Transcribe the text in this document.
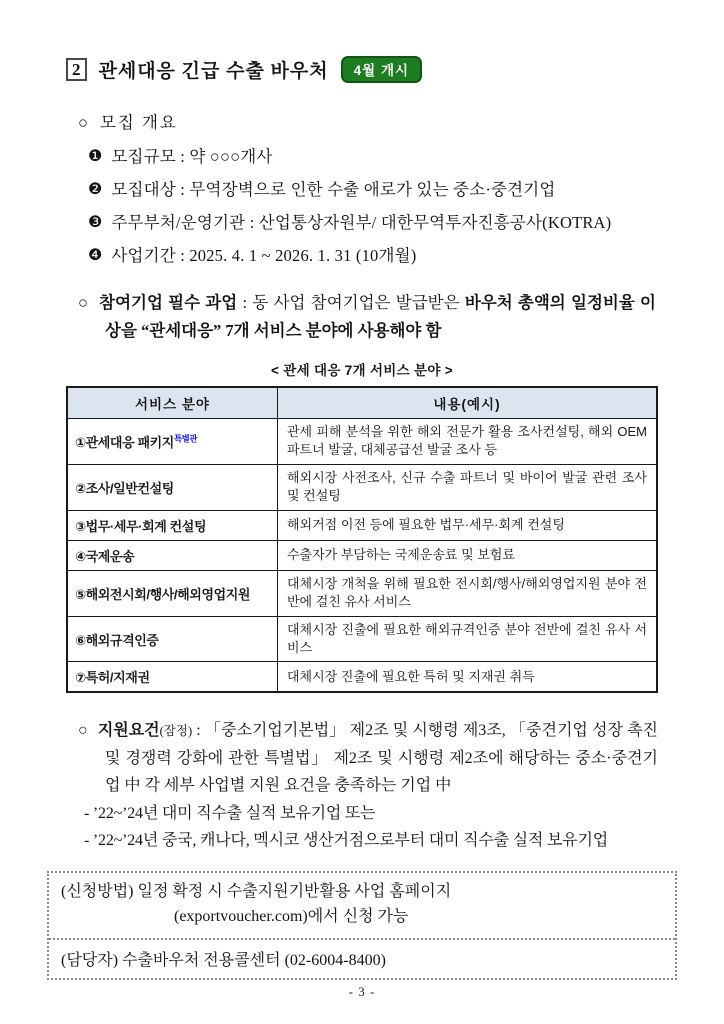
2 관세대응 긴급 수출 바우처	4월 개시
○ 모집 개요
❶ 모집규모 : 약 ○○○개사
❷ 모집대상 : 무역장벽으로 인한 수출 애로가 있는 중소·중견기업
❸ 주무부처/운영기관 : 산업통상자원부/ 대한무역투자진흥공사(KOTRA)
❹ 사업기간 : 2025. 4. 1 ~ 2026. 1. 31 (10개월)
○ 참여기업 필수 과업 : 동 사업 참여기업은 발급받은 바우처 총액의 일정비율 이상을 “관세대응” 7개 서비스 분야에 사용해야 함
< 관세 대응 7개 서비스 분야 >
서비스 분야	내용(예시)
①관세대응 패키지$^{특별관}$	관세 피해 분석을 위한 해외 전문가 활용 조사컨설팅, 해외 OEM 파트너 발굴, 대체공급선 발굴 조사 등
②조사/일반컨설팅	해외시장 사전조사, 신규 수출 파트너 및 바이어 발굴 관련 조사 및 컨설팅
③법무·세무·회계 컨설팅	해외거점 이전 등에 필요한 법무·세무·회계 컨설팅
④국제운송	수출자가 부담하는 국제운송료 및 보험료
⑤해외전시회/행사/해외영업지원	대체시장 개척을 위해 필요한 전시회/행사/해외영업지원 분야 전반에 걸친 유사 서비스
⑥해외규격인증	대체시장 진출에 필요한 해외규격인증 분야 전반에 걸친 유사 서비스
⑦특허/지재권	대체시장 진출에 필요한 특허 및 지재권 취득
○ 지원요건(잠정) : 「중소기업기본법」 제2조 및 시행령 제3조, 「중견기업 성장 촉진 및 경쟁력 강화에 관한 특별법」 제2조 및 시행령 제2조에 해당하는 중소·중견기업 中 각 세부 사업별 지원 요건을 충족하는 기업 中
- ’22~’24년 대미 직수출 실적 보유기업 또는
- ’22~’24년 중국, 캐나다, 멕시코 생산거점으로부터 대미 직수출 실적 보유기업
(신청방법) 일정 확정 시 수출지원기반활용 사업 홈페이지
(exportvoucher.com)에서 신청 가능
(담당자) 수출바우처 전용콜센터 (02-6004-8400)
- 3 -
